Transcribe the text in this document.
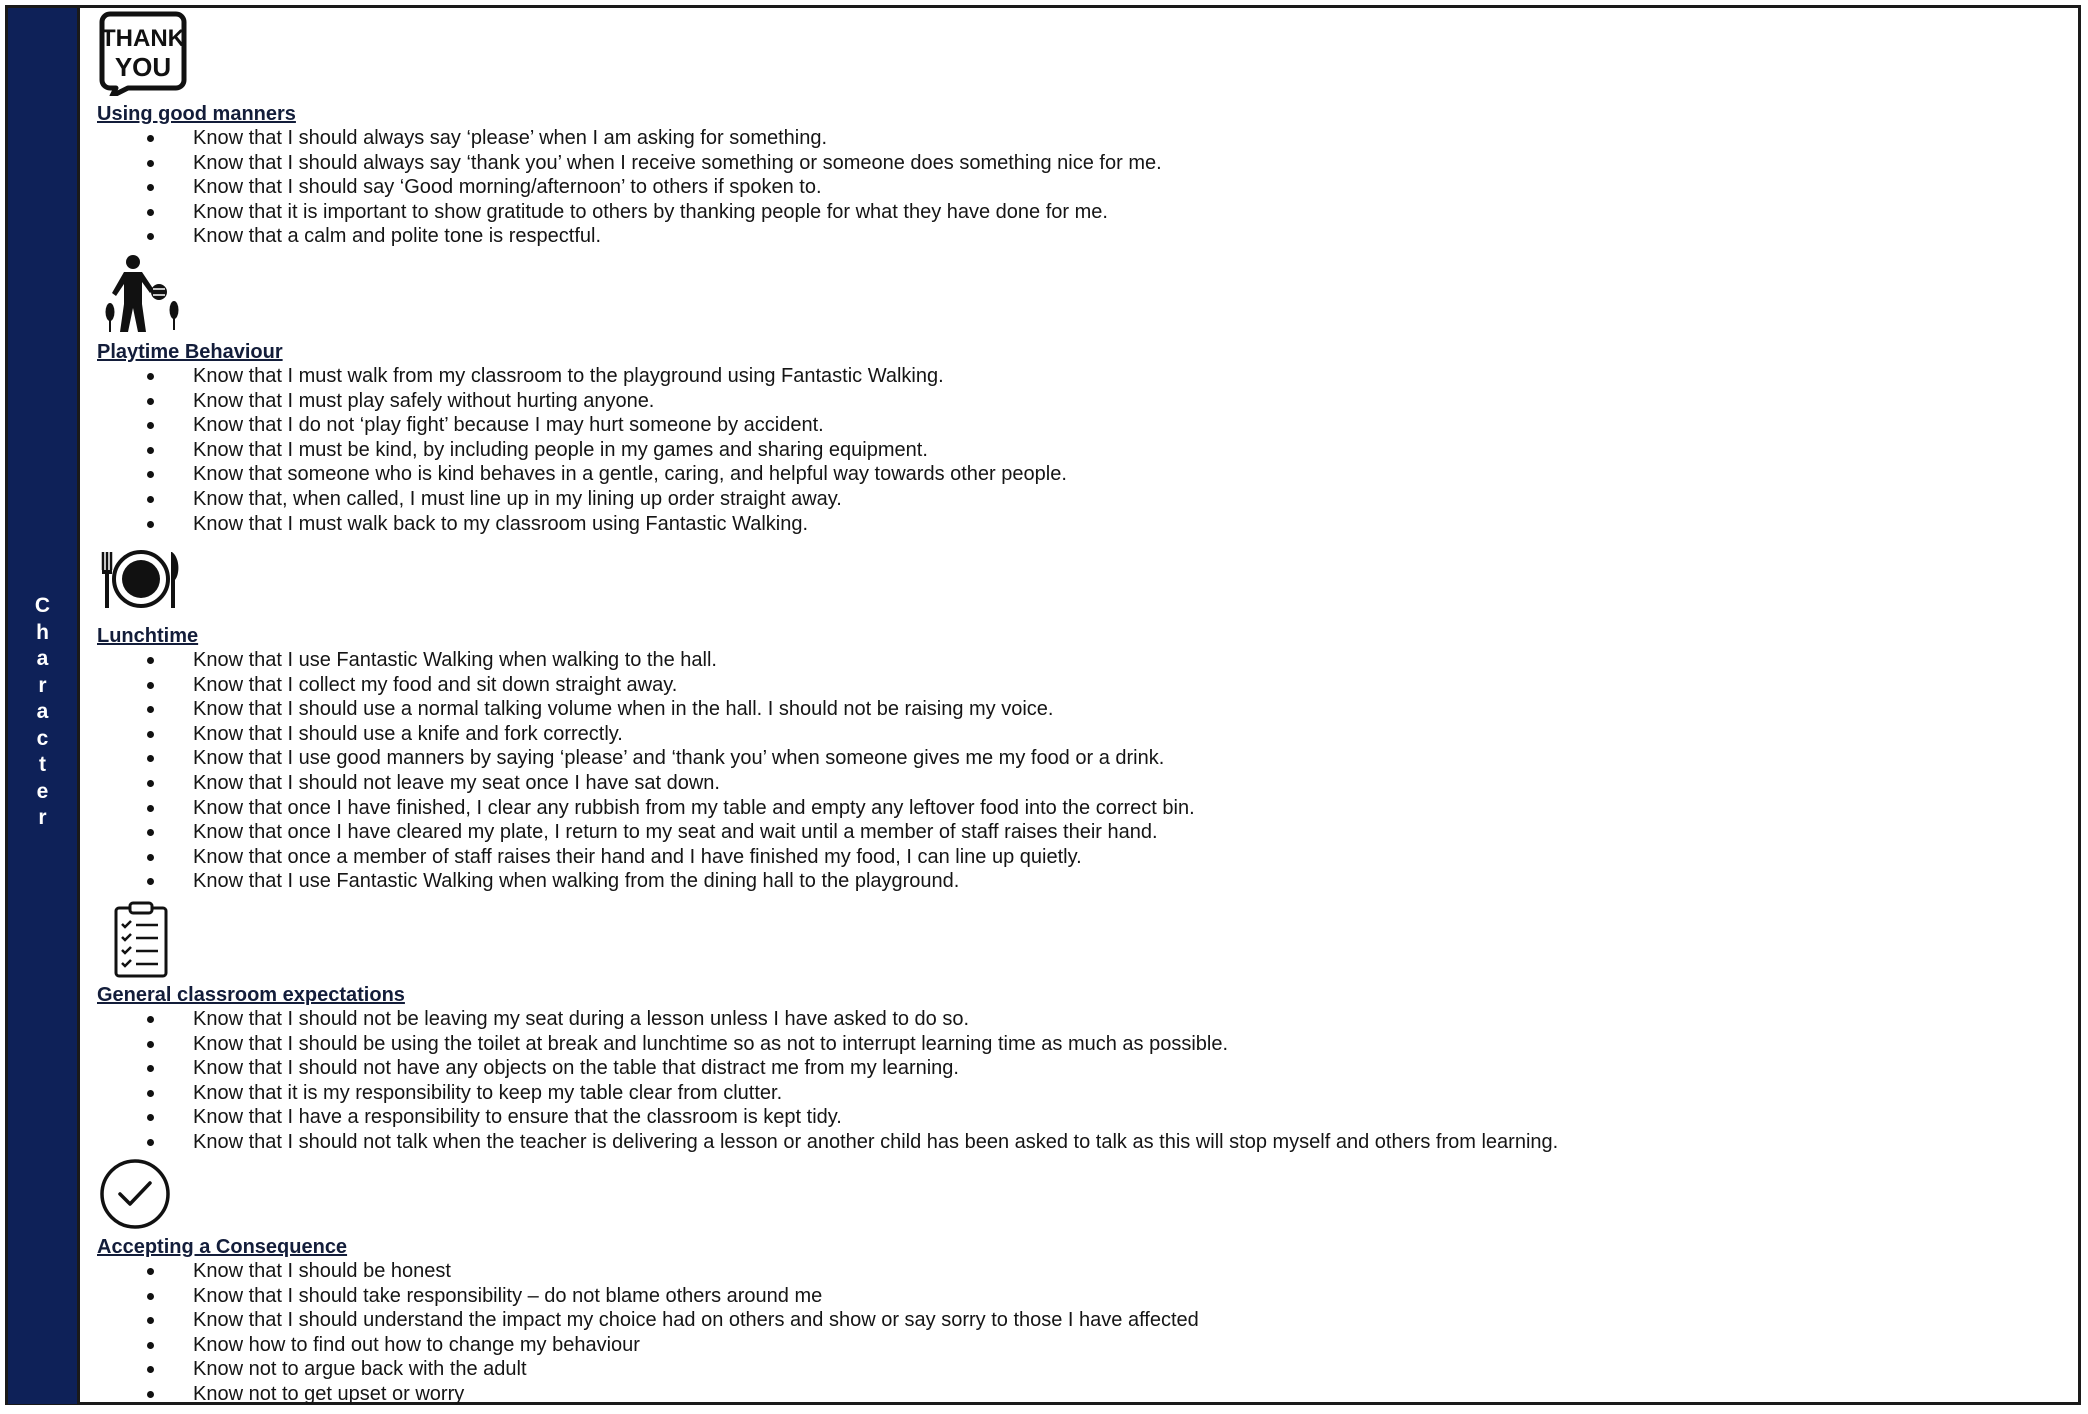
C
h
a
r
a
c
t
e
r
THANK
YOU
Using good manners
Know that I should always say ‘please’ when I am asking for something.
Know that I should always say ‘thank you’ when I receive something or someone does something nice for me.
Know that I should say ‘Good morning/afternoon’ to others if spoken to.
Know that it is important to show gratitude to others by thanking people for what they have done for me.
Know that a calm and polite tone is respectful.
Playtime Behaviour
Know that I must walk from my classroom to the playground using Fantastic Walking.
Know that I must play safely without hurting anyone.
Know that I do not ‘play fight’ because I may hurt someone by accident.
Know that I must be kind, by including people in my games and sharing equipment.
Know that someone who is kind behaves in a gentle, caring, and helpful way towards other people.
Know that, when called, I must line up in my lining up order straight away.
Know that I must walk back to my classroom using Fantastic Walking.
Lunchtime
Know that I use Fantastic Walking when walking to the hall.
Know that I collect my food and sit down straight away.
Know that I should use a normal talking volume when in the hall. I should not be raising my voice.
Know that I should use a knife and fork correctly.
Know that I use good manners by saying ‘please’ and ‘thank you’ when someone gives me my food or a drink.
Know that I should not leave my seat once I have sat down.
Know that once I have finished, I clear any rubbish from my table and empty any leftover food into the correct bin.
Know that once I have cleared my plate, I return to my seat and wait until a member of staff raises their hand.
Know that once a member of staff raises their hand and I have finished my food, I can line up quietly.
Know that I use Fantastic Walking when walking from the dining hall to the playground.
General classroom expectations
Know that I should not be leaving my seat during a lesson unless I have asked to do so.
Know that I should be using the toilet at break and lunchtime so as not to interrupt learning time as much as possible.
Know that I should not have any objects on the table that distract me from my learning.
Know that it is my responsibility to keep my table clear from clutter.
Know that I have a responsibility to ensure that the classroom is kept tidy.
Know that I should not talk when the teacher is delivering a lesson or another child has been asked to talk as this will stop myself and others from learning.
Accepting a Consequence
Know that I should be honest
Know that I should take responsibility – do not blame others around me
Know that I should understand the impact my choice had on others and show or say sorry to those I have affected
Know how to find out how to change my behaviour
Know not to argue back with the adult
Know not to get upset or worry
